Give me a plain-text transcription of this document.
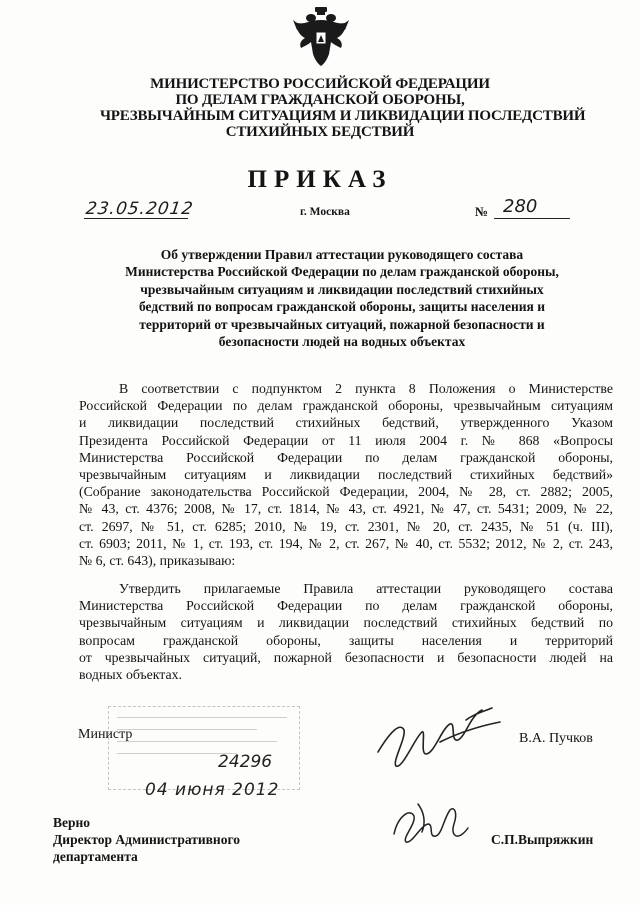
МИНИСТЕРСТВО РОССИЙСКОЙ ФЕДЕРАЦИИ
ПО ДЕЛАМ ГРАЖДАНСКОЙ ОБОРОНЫ,
ЧРЕЗВЫЧАЙНЫМ СИТУАЦИЯМ И ЛИКВИДАЦИИ ПОСЛЕДСТВИЙ
СТИХИЙНЫХ БЕДСТВИЙ
ПРИКАЗ
23.05.2012	г. Москва	№ 280
Об утверждении Правил аттестации руководящего состава
Министерства Российской Федерации по делам гражданской обороны,
чрезвычайным ситуациям и ликвидации последствий стихийных
бедствий по вопросам гражданской обороны, защиты населения и
территорий от чрезвычайных ситуаций, пожарной безопасности и
безопасности людей на водных объектах
В соответствии с подпунктом 2 пункта 8 Положения о Министерстве
Российской Федерации по делам гражданской обороны, чрезвычайным ситуациям
и ликвидации последствий стихийных бедствий, утвержденного Указом
Президента Российской Федерации от 11 июля 2004 г. № 868 «Вопросы
Министерства Российской Федерации по делам гражданской обороны,
чрезвычайным ситуациям и ликвидации последствий стихийных бедствий»
(Собрание законодательства Российской Федерации, 2004, № 28, ст. 2882; 2005,
№ 43, ст. 4376; 2008, № 17, ст. 1814, № 43, ст. 4921, № 47, ст. 5431; 2009, № 22,
ст. 2697, № 51, ст. 6285; 2010, № 19, ст. 2301, № 20, ст. 2435, № 51 (ч. III),
ст. 6903; 2011, № 1, ст. 193, ст. 194, № 2, ст. 267, № 40, ст. 5532; 2012, № 2, ст. 243,
№ 6, ст. 643), приказываю:
Утвердить прилагаемые Правила аттестации руководящего состава
Министерства Российской Федерации по делам гражданской обороны,
чрезвычайным ситуациям и ликвидации последствий стихийных бедствий по
вопросам гражданской обороны, защиты населения и территорий
от чрезвычайных ситуаций, пожарной безопасности и безопасности людей на
водных объектах.
24296
04 июня 2012
Министр	В.А. Пучков
Верно
Директор Административного
департамента
С.П.Выпряжкин
